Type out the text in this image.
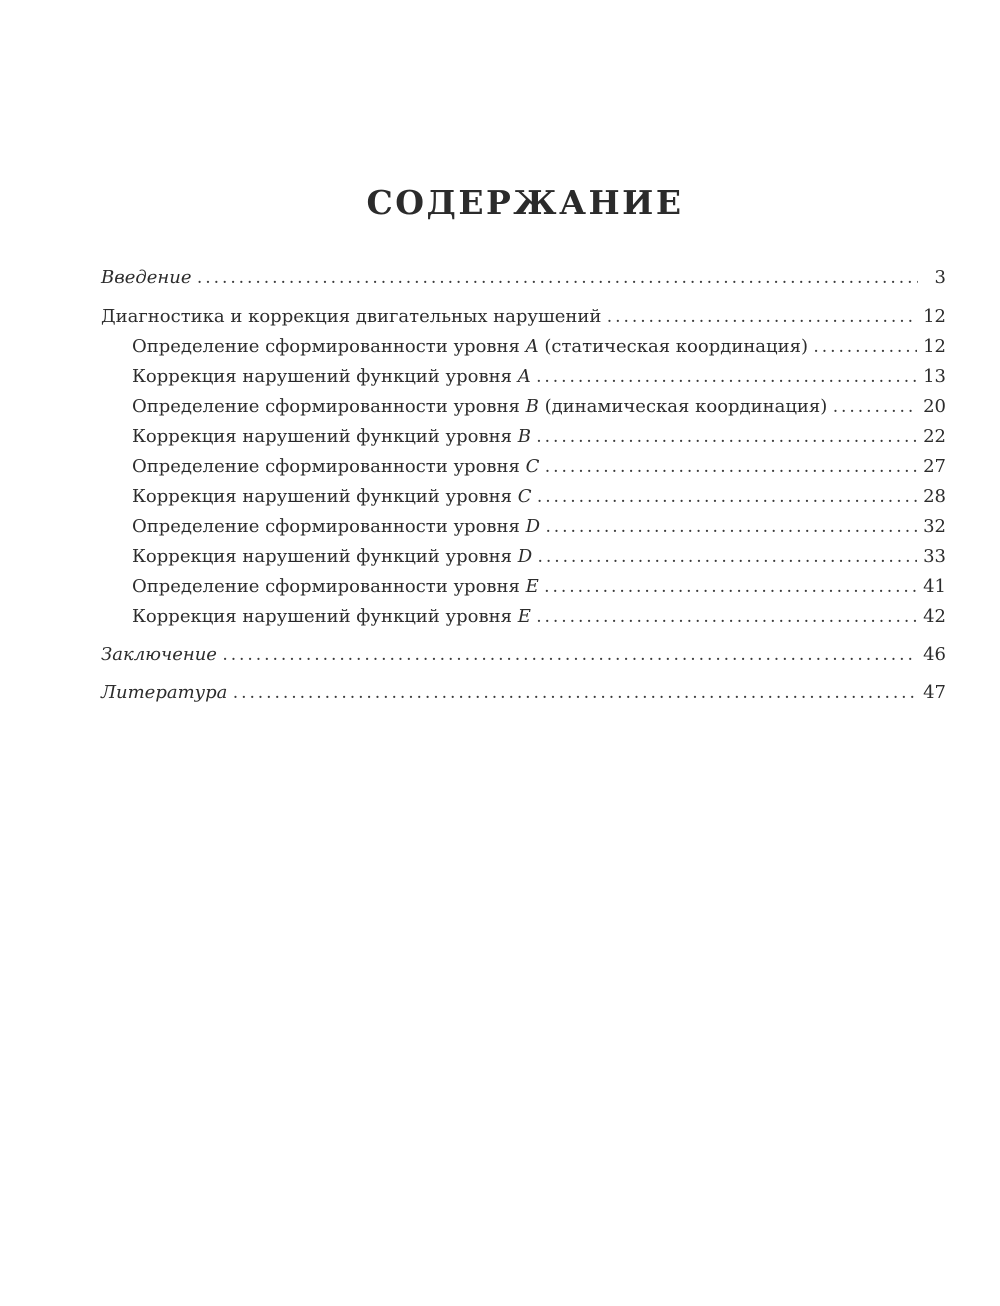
СОДЕРЖАНИЕ
Введение . . .	3
Диагностика и коррекция двигательных нарушений . . .	12
Определение сформированности уровня A (статическая координация) . . .	12
Коррекция нарушений функций уровня A . . .	13
Определение сформированности уровня B (динамическая координация) . . .	20
Коррекция нарушений функций уровня B . . .	22
Определение сформированности уровня C . . .	27
Коррекция нарушений функций уровня C . . .	28
Определение сформированности уровня D . . .	32
Коррекция нарушений функций уровня D . . .	33
Определение сформированности уровня E . . .	41
Коррекция нарушений функций уровня E . . .	42
Заключение . . .	46
Литература . . .	47
